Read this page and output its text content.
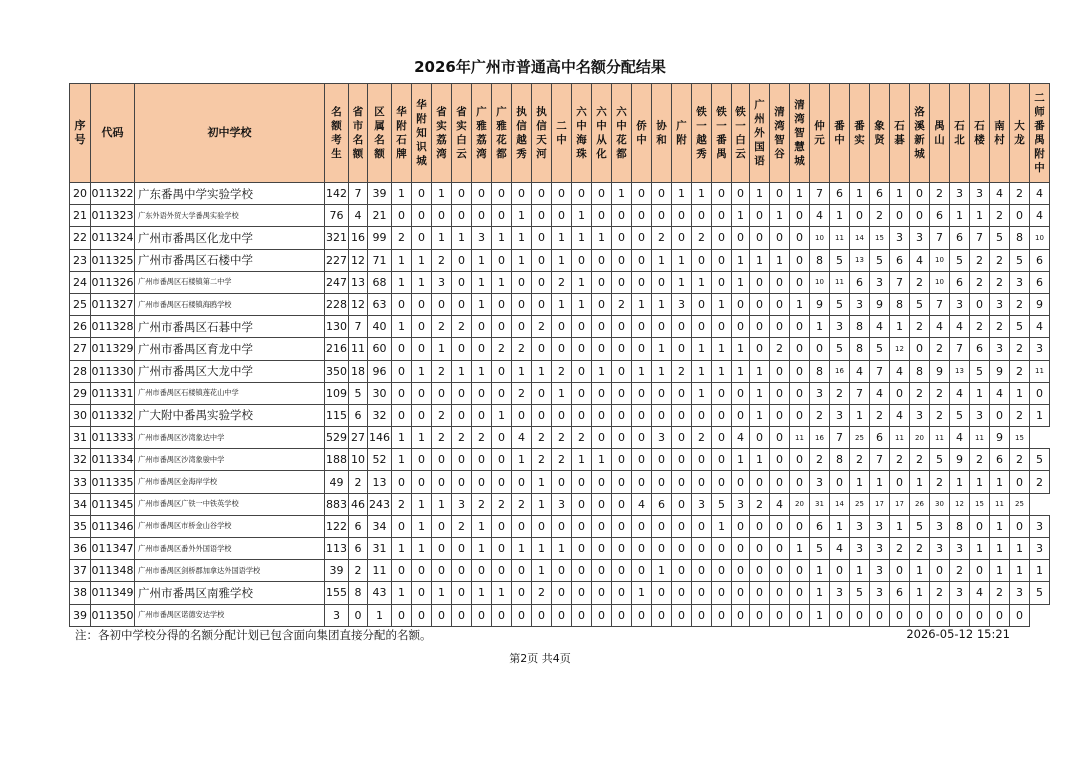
2026年广州市普通高中名额分配结果
序号	代码	初中学校	名额考生	省市名额	区属名额	华附石牌	华附知识城	省实荔湾	省实白云	广雅荔湾	广雅花都	执信越秀	执信天河	二中	六中海珠	六中从化	六中花都	侨中	协和	广附	铁一越秀	铁一番禺	铁一白云	广州外国语	清湾智谷	清湾智慧城	仲元	番中	番实	象贤	石碁	洛溪新城	禺山	石北	石楼	南村	大龙	二师番禺附中	
20	011322	广东番禺中学实验学校	142	7	39	1	0	1	0	0	0	0	0	0	0	0	1	0	0	1	1	0	0	1	0	1	7	6	1	6	1	0	2	3	3	4	2	4	
21	011323	广东外语外贸大学番禺实验学校	76	4	21	0	0	0	0	0	0	1	0	0	1	0	0	0	0	0	0	0	1	0	1	0	4	1	0	2	0	0	6	1	1	2	0	4	
22	011324	广州市番禺区化龙中学	321	16	99	2	0	1	1	3	1	1	0	1	1	1	0	0	2	0	2	0	0	0	0	0	10	11	14	15	3	3	7	6	7	5	8	10	
23	011325	广州市番禺区石楼中学	227	12	71	1	1	2	0	1	0	1	0	1	0	0	0	0	1	1	0	0	1	1	1	0	8	5	13	5	6	4	10	5	2	2	5	6	
24	011326	广州市番禺区石楼镇第二中学	247	13	68	1	1	3	0	1	1	0	0	2	1	0	0	0	0	1	1	0	1	0	0	0	10	11	6	3	7	2	10	6	2	2	3	6	
25	011327	广州市番禺区石楼镇海鸥学校	228	12	63	0	0	0	0	1	0	0	0	1	1	0	2	1	1	3	0	1	0	0	0	1	9	5	3	9	8	5	7	3	0	3	2	9	
26	011328	广州市番禺区石碁中学	130	7	40	1	0	2	2	0	0	0	2	0	0	0	0	0	0	0	0	0	0	0	0	0	1	3	8	4	1	2	4	4	2	2	5	4	
27	011329	广州市番禺区育龙中学	216	11	60	0	0	1	0	0	2	2	0	0	0	0	0	0	1	0	1	1	1	0	2	0	0	5	8	5	12	0	2	7	6	3	2	3	
28	011330	广州市番禺区大龙中学	350	18	96	0	1	2	1	1	0	1	1	2	0	1	0	1	1	2	1	1	1	1	0	0	8	16	4	7	4	8	9	13	5	9	2	11	
29	011331	广州市番禺区石楼镇莲花山中学	109	5	30	0	0	0	0	0	0	2	0	1	0	0	0	0	0	0	1	0	0	1	0	0	3	2	7	4	0	2	2	4	1	4	1	0	
30	011332	广大附中番禺实验学校	115	6	32	0	0	2	0	0	1	0	0	0	0	0	0	0	0	0	0	0	0	1	0	0	2	3	1	2	4	3	2	5	3	0	2	1	
31	011333	广州市番禺区沙湾象达中学	529	27	146	1	1	2	2	2	0	4	2	2	2	0	0	0	3	0	2	0	4	0	0	11	16	7	25	6	11	20	11	4	11	9	15		
32	011334	广州市番禺区沙湾象骏中学	188	10	52	1	0	0	0	0	0	1	2	2	1	1	0	0	0	0	0	0	1	1	0	0	2	8	2	7	2	2	5	9	2	6	2	5	
33	011335	广州市番禺区金海岸学校	49	2	13	0	0	0	0	0	0	0	1	0	0	0	0	0	0	0	0	0	0	0	0	0	3	0	1	1	0	1	2	1	1	1	0	2	
34	011345	广州市番禺区广铁一中铁英学校	883	46	243	2	1	1	3	2	2	2	1	3	0	0	0	4	6	0	3	5	3	2	4	20	31	14	25	17	17	26	30	12	15	11	25		
35	011346	广州市番禺区市桥金山谷学校	122	6	34	0	1	0	2	1	0	0	0	0	0	0	0	0	0	0	0	1	0	0	0	0	6	1	3	3	1	5	3	8	0	1	0	3	
36	011347	广州市番禺区番外外国语学校	113	6	31	1	1	0	0	1	0	1	1	1	0	0	0	0	0	0	0	0	0	0	0	1	5	4	3	3	2	2	3	3	1	1	1	3	
37	011348	广州市番禺区剑桥郡加拿达外国语学校	39	2	11	0	0	0	0	0	0	0	1	0	0	0	0	0	1	0	0	0	0	0	0	0	1	0	1	3	0	1	0	2	0	1	1	1	
38	011349	广州市番禺区南雅学校	155	8	43	1	0	1	0	1	1	0	2	0	0	0	0	1	0	0	0	0	0	0	0	0	1	3	5	3	6	1	2	3	4	2	3	5	
39	011350	广州市番禺区诺德安达学校	3	0	1	0	0	0	0	0	0	0	0	0	0	0	0	0	0	0	0	0	0	0	0	0	1	0	0	0	0	0	0	0	0	0	0		
注：各初中学校分得的名额分配计划已包含面向集团直接分配的名额。	2026-05-12 15:21
第2页 共4页
